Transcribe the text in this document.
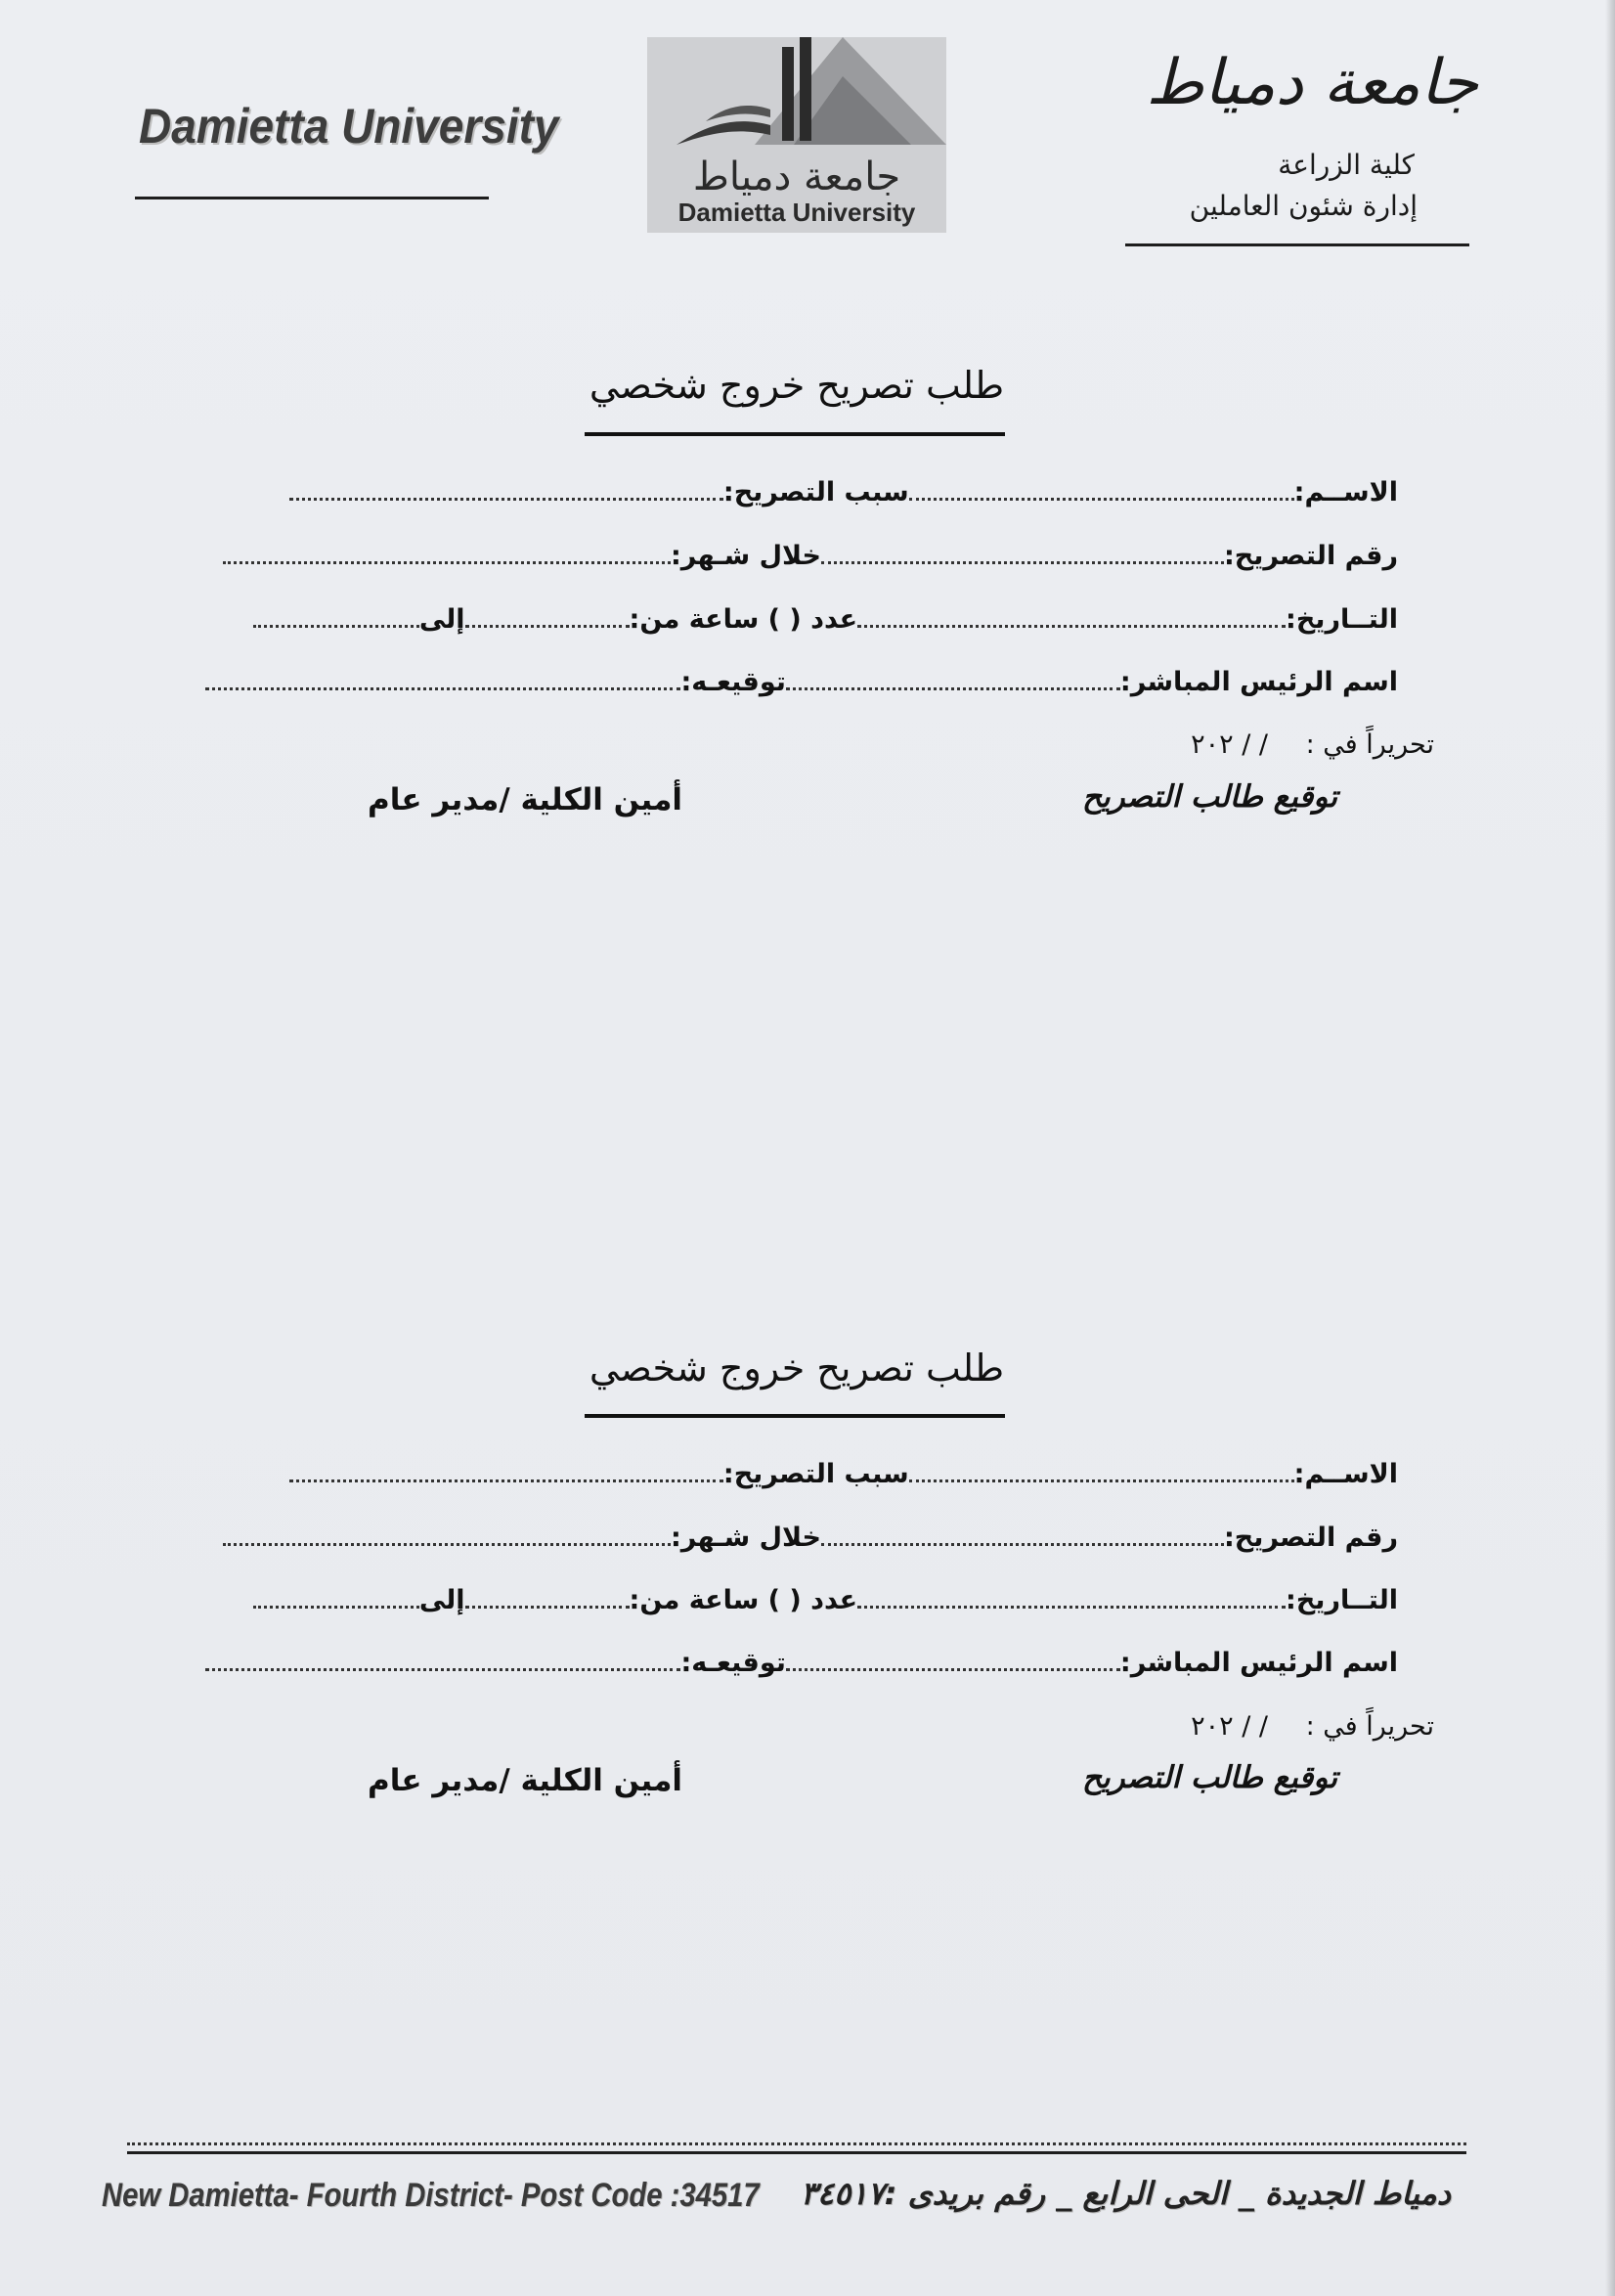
Damietta University
جامعة دمياط
Damietta University
جامعة دمياط
كلية الزراعة
إدارة شئون العاملين
طلب تصريح خروج شخصي
الاســم:سبب التصريح:
رقم التصريح:خلال شـهر:
التــاريخ:عدد ( ) ساعة من:إلى
اسم الرئيس المباشر:توقيعـه:
تحريراً في : ٢٠٢ / /
توقيع طالب التصريح
أمين الكلية /مدير عام
طلب تصريح خروج شخصي
الاســم:سبب التصريح:
رقم التصريح:خلال شـهر:
التــاريخ:عدد ( ) ساعة من:إلى
اسم الرئيس المباشر:توقيعـه:
تحريراً في : ٢٠٢ / /
توقيع طالب التصريح
أمين الكلية /مدير عام
New Damietta- Fourth District- Post Code :34517 دمياط الجديدة _ الحى الرابع _ رقم بريدى :٣٤٥١٧
